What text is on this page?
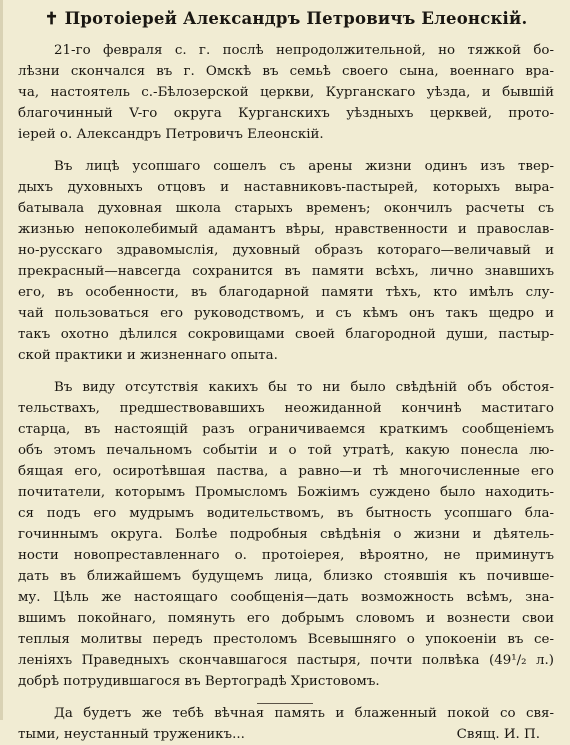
✝ Протоіерей Александръ Петровичъ Елеонскій.
21-го февраля с. г. послѣ непродолжительной, но тяжкой бо-
лѣзни скончался въ г. Омскѣ въ семьѣ своего сына, военнаго вра-
ча, настоятель с.-Бѣлозерской церкви, Курганскаго уѣзда, и бывшій
благочинный V-го округа Курганскихъ уѣздныхъ церквей, прото-
іерей о. Александръ Петровичъ Елеонскій.
Въ лицѣ усопшаго сошелъ съ арены жизни одинъ изъ твер-
дыхъ духовныхъ отцовъ и наставниковъ-пастырей, которыхъ выра-
батывала духовная школа старыхъ временъ; окончилъ расчеты съ
жизнью непоколебимый адамантъ вѣры, нравственности и православ-
но-русскаго здравомыслія, духовный образъ котораго—величавый и
прекрасный—навсегда сохранится въ памяти всѣхъ, лично знавшихъ
его, въ особенности, въ благодарной памяти тѣхъ, кто имѣлъ слу-
чай пользоваться его руководствомъ, и съ кѣмъ онъ такъ щедро и
такъ охотно дѣлился сокровищами своей благородной души, пастыр-
ской практики и жизненнаго опыта.
Въ виду отсутствія какихъ бы то ни было свѣдѣній объ обстоя-
тельствахъ, предшествовавшихъ неожиданной кончинѣ маститаго
старца, въ настоящій разъ ограничиваемся краткимъ сообщеніемъ
объ этомъ печальномъ событіи и о той утратѣ, какую понесла лю-
бящая его, осиротѣвшая паства, а равно—и тѣ многочисленные его
почитатели, которымъ Промысломъ Божіимъ суждено было находить-
ся подъ его мудрымъ водительствомъ, въ бытность усопшаго бла-
гочиннымъ округа. Болѣе подробныя свѣдѣнія о жизни и дѣятель-
ности новопреставленнаго о. протоіерея, вѣроятно, не приминутъ
дать въ ближайшемъ будущемъ лица, близко стоявшія къ почивше-
му. Цѣль же настоящаго сообщенія—дать возможность всѣмъ, зна-
вшимъ покойнаго, помянуть его добрымъ словомъ и вознести свои
теплыя молитвы передъ престоломъ Всевышняго о упокоеніи въ се-
леніяхъ Праведныхъ скончавшагося пастыря, почти полвѣка (49¹/₂ л.)
добрѣ потрудившагося въ Вертоградѣ Христовомъ.
Да будетъ же тебѣ вѣчная память и блаженный покой со свя-
тыми, неустанный труженикъ...	Свящ. И. П.
